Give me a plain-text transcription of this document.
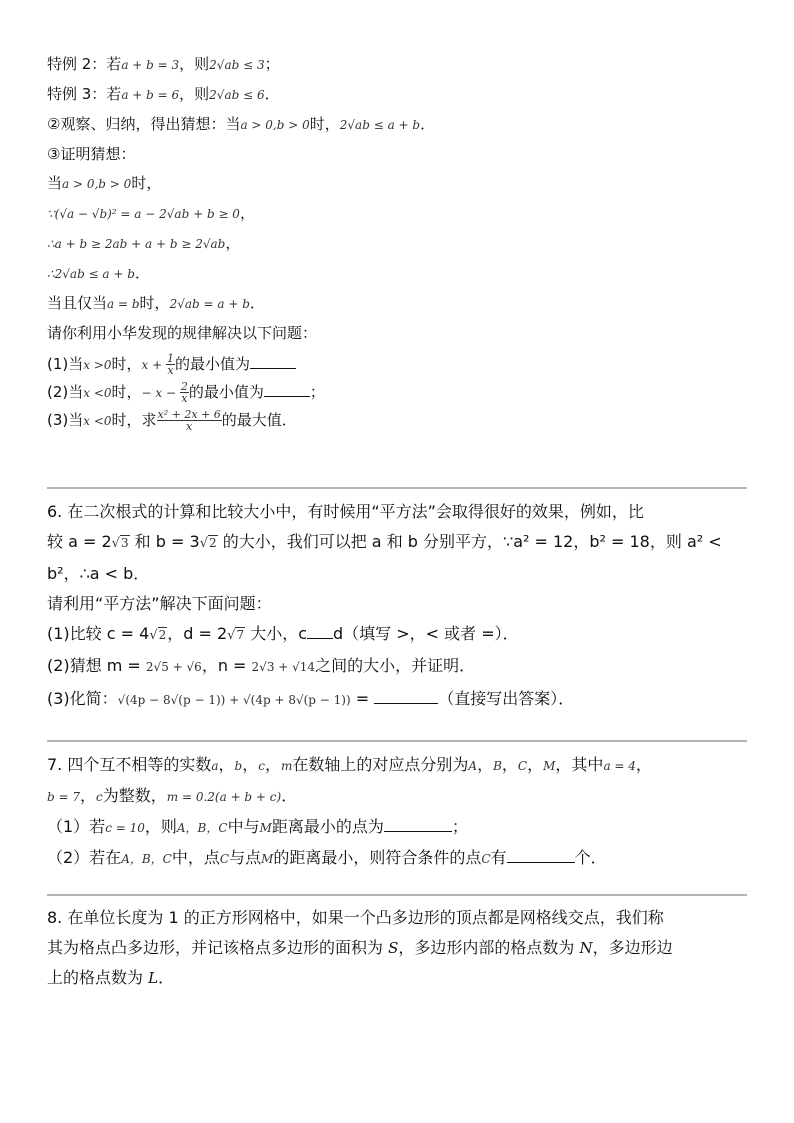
特例 2：若a + b = 3，则2√ab ≤ 3；
特例 3：若a + b = 6，则2√ab ≤ 6．
②观察、归纳，得出猜想：当a > 0,b > 0时，2√ab ≤ a + b．
③证明猜想：
当a > 0,b > 0时，
∵(√a − √b)² = a − 2√ab + b ≥ 0，
∴a + b ≥ 2ab + a + b ≥ 2√ab，
∴2√ab ≤ a + b．
当且仅当a = b时，2√ab = a + b．
请你利用小华发现的规律解决以下问题：
(1)当x >0时，$x + \frac{1}{x}$ 的最小值为
(2)当x <0时，− $x - \frac{2}{x}$ 的最小值为	；
(3)当x <0时，求 $\frac{\text{x² + 2x + 6}}{x}$ 的最大值．
6. 在二次根式的计算和比较大小中，有时候用“平方法”会取得很好的效果，例如，比
较 a = 2√3 和 b = 3√2 的大小，我们可以把 a 和 b 分别平方，∵a² = 12，b² = 18，则 a² <
b²，∴a < b．
请利用“平方法”解决下面问题：
(1)比较 c = 4√2，d = 2√7 大小，c d（填写 >，< 或者 =）．
(2)猜想 m = 2√5 + √6，n = 2√3 + √14之间的大小，并证明．
(3)化简：√(4p − 8√(p − 1)) + √(4p + 8√(p − 1)) =	（直接写出答案）．
7. 四个互不相等的实数a，b，c，m在数轴上的对应点分别为A，B，C，M，其中a = 4，
b = 7，c为整数，m = 0.2(a + b + c)．
（1）若c = 10，则A，B，C中与M距离最小的点为	；
（2）若在A，B，C中，点C与点M的距离最小，则符合条件的点C有	个．
8. 在单位长度为 1 的正方形网格中，如果一个凸多边形的顶点都是网格线交点，我们称
其为格点凸多边形，并记该格点多边形的面积为 S，多边形内部的格点数为 N，多边形边
上的格点数为 L．
